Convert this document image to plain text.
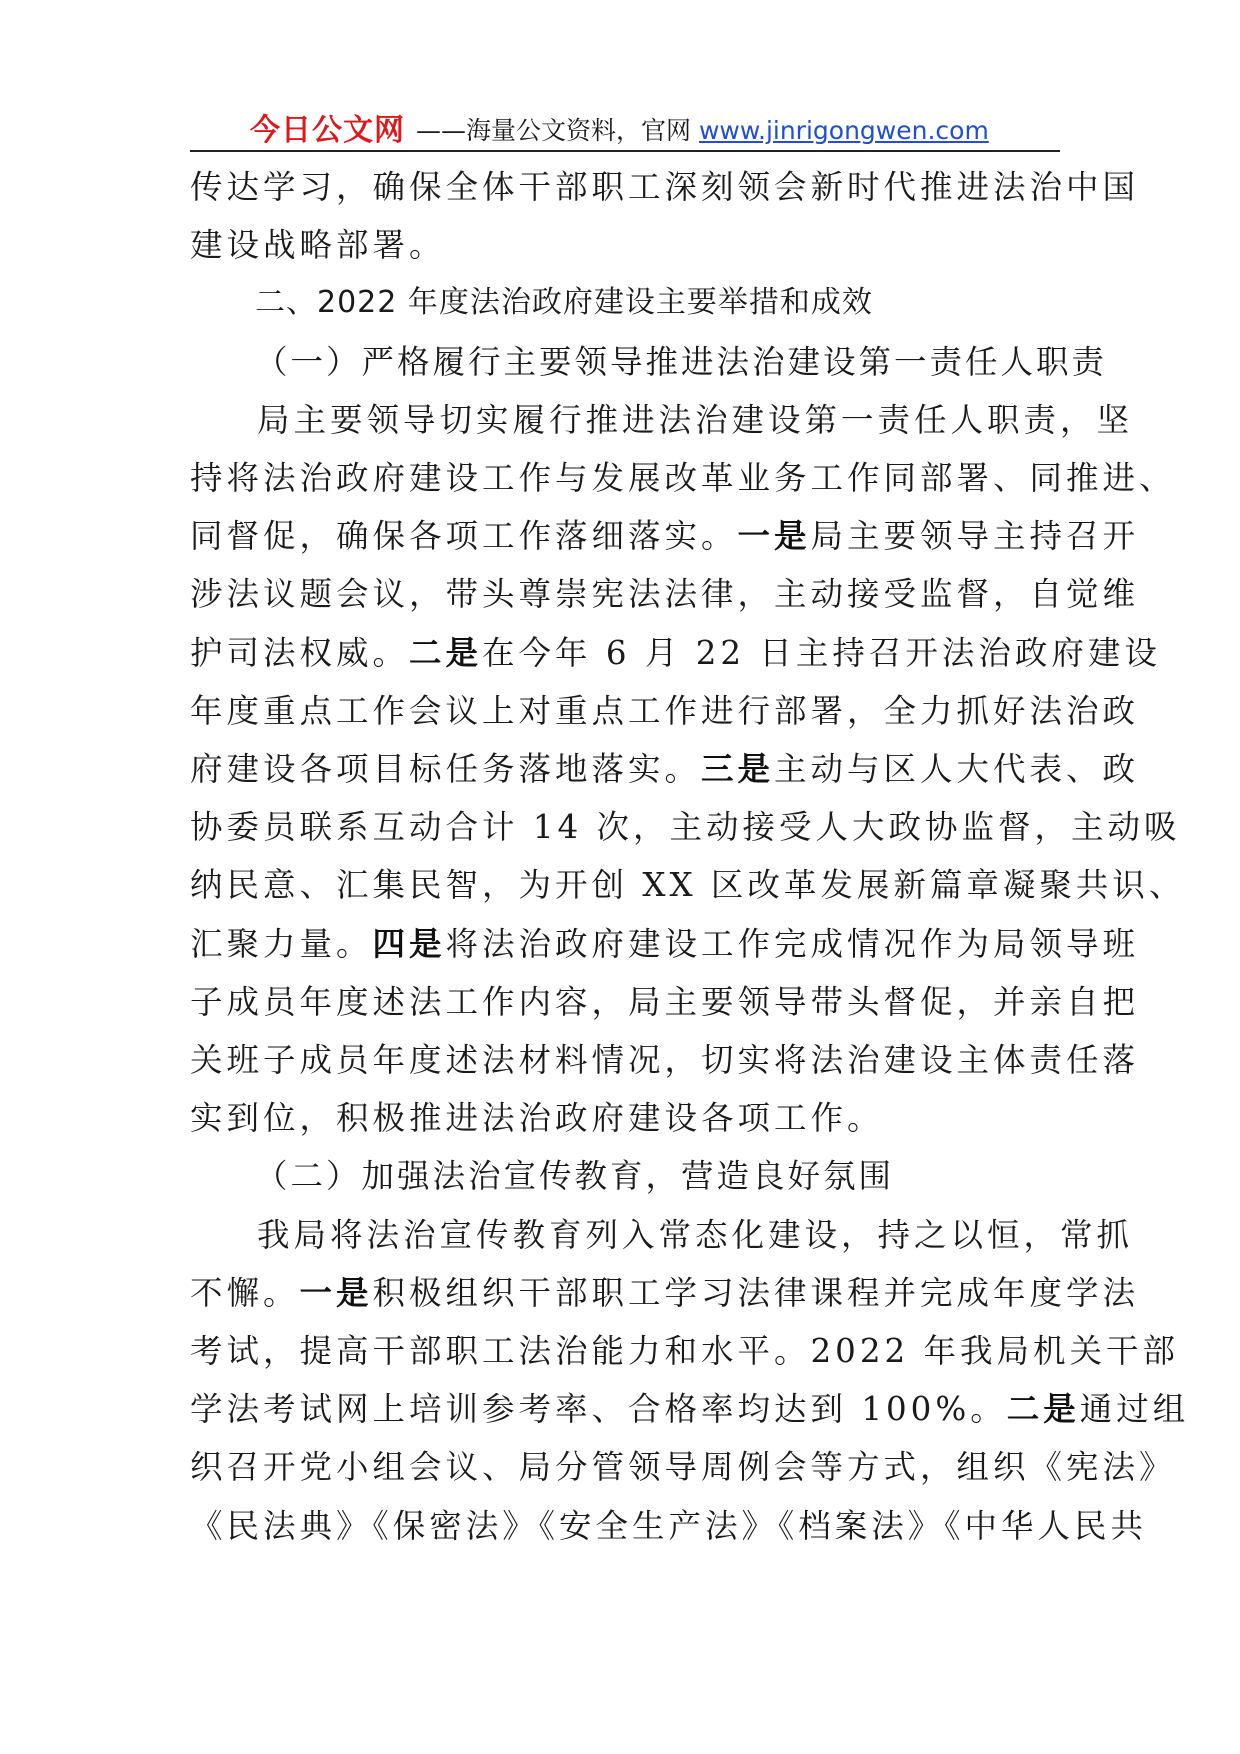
今日公文网 ——海量公文资料，官网 www.jinrigongwen.com

传达学习，确保全体干部职工深刻领会新时代推进法治中国

建设战略部署。

二、2022 年度法治政府建设主要举措和成效

（一）严格履行主要领导推进法治建设第一责任人职责

局主要领导切实履行推进法治建设第一责任人职责，坚

持将法治政府建设工作与发展改革业务工作同部署、同推进、

同督促，确保各项工作落细落实。一是局主要领导主持召开

涉法议题会议，带头尊崇宪法法律，主动接受监督，自觉维

护司法权威。二是在今年 6 月 22 日主持召开法治政府建设

年度重点工作会议上对重点工作进行部署，全力抓好法治政

府建设各项目标任务落地落实。三是主动与区人大代表、政

协委员联系互动合计 14 次，主动接受人大政协监督，主动吸

纳民意、汇集民智，为开创 XX 区改革发展新篇章凝聚共识、

汇聚力量。四是将法治政府建设工作完成情况作为局领导班

子成员年度述法工作内容，局主要领导带头督促，并亲自把

关班子成员年度述法材料情况，切实将法治建设主体责任落

实到位，积极推进法治政府建设各项工作。

（二）加强法治宣传教育，营造良好氛围

我局将法治宣传教育列入常态化建设，持之以恒，常抓

不懈。一是积极组织干部职工学习法律课程并完成年度学法

考试，提高干部职工法治能力和水平。2022 年我局机关干部

学法考试网上培训参考率、合格率均达到 100%。二是通过组

织召开党小组会议、局分管领导周例会等方式，组织《宪法》

《民法典》《保密法》《安全生产法》《档案法》《中华人民共
